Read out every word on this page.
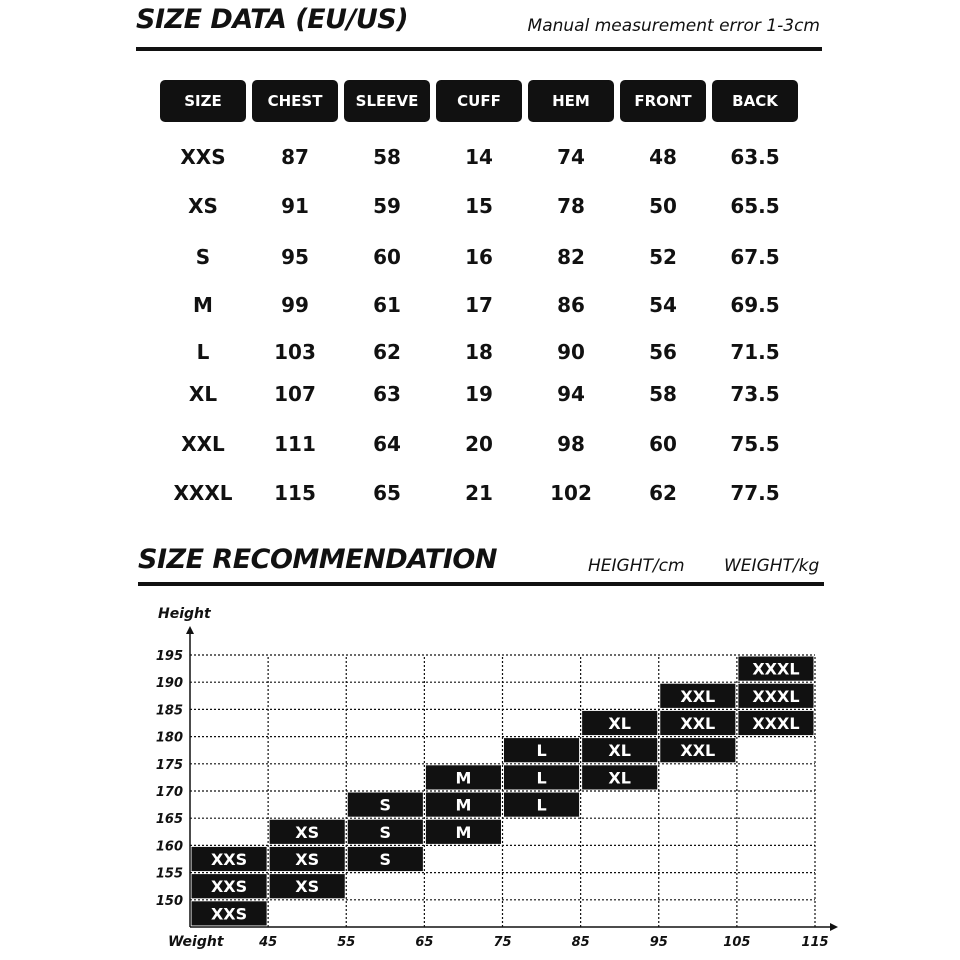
SIZE DATA (EU/US)	Manual measurement error 1-3cm
SIZE	CHEST	SLEEVE	CUFF	HEM	FRONT	BACK
XXS	87	58	14	74	48	63.5
XS	91	59	15	78	50	65.5
S	95	60	16	82	52	67.5
M	99	61	17	86	54	69.5
L	103	62	18	90	56	71.5
XL	107	63	19	94	58	73.5
XXL	111	64	20	98	60	75.5
XXXL	115	65	21	102	62	77.5
SIZE RECOMMENDATION	HEIGHT/cm WEIGHT/kg
XXS
XXS
XXS
XS
XS
XS
S
S
S
M
M
M
L
L
L
XL
XL
XL
XXL
XXL
XXL
XXXL
XXXL
XXXL
150
155
160
165
170
175
180
185
190
195
45	55	65	75	85	95	105	115
Height
Weight
